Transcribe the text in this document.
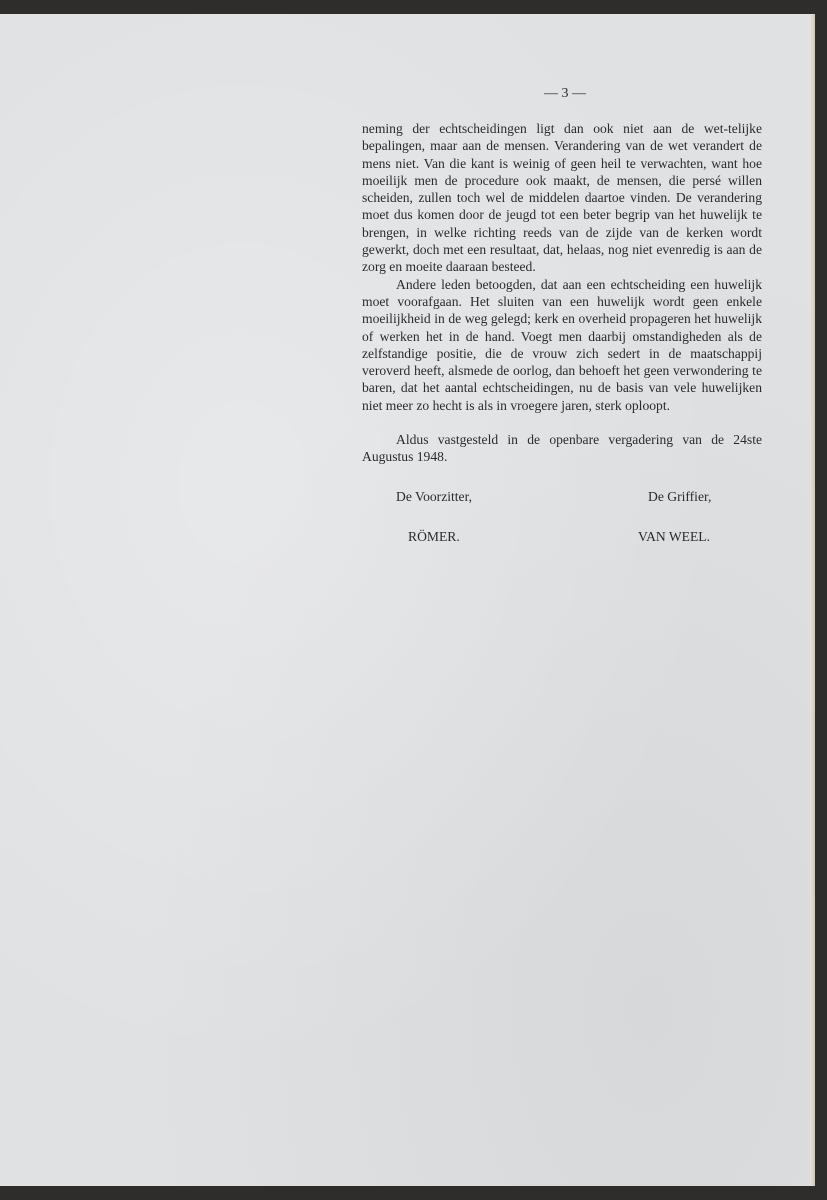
— 3 —

neming der echtscheidingen ligt dan ook niet aan de wet-telijke bepalingen, maar aan de mensen. Verandering van de wet verandert de mens niet. Van die kant is weinig of geen heil te verwachten, want hoe moeilijk men de procedure ook maakt, de mensen, die persé willen scheiden, zullen toch wel de middelen daartoe vinden. De verandering moet dus komen door de jeugd tot een beter begrip van het huwelijk te brengen, in welke richting reeds van de zijde van de kerken wordt gewerkt, doch met een resultaat, dat, helaas, nog niet evenredig is aan de zorg en moeite daaraan besteed.

Andere leden betoogden, dat aan een echtscheiding een huwelijk moet voorafgaan. Het sluiten van een huwelijk wordt geen enkele moeilijkheid in de weg gelegd; kerk en overheid propageren het huwelijk of werken het in de hand. Voegt men daarbij omstandigheden als de zelfstandige positie, die de vrouw zich sedert in de maatschappij veroverd heeft, alsmede de oorlog, dan behoeft het geen verwondering te baren, dat het aantal echtscheidingen, nu de basis van vele huwelijken niet meer zo hecht is als in vroegere jaren, sterk oploopt.

Aldus vastgesteld in de openbare vergadering van de 24ste Augustus 1948.

De Voorzitter,	De Griffier,
RÖMER.	VAN WEEL.
